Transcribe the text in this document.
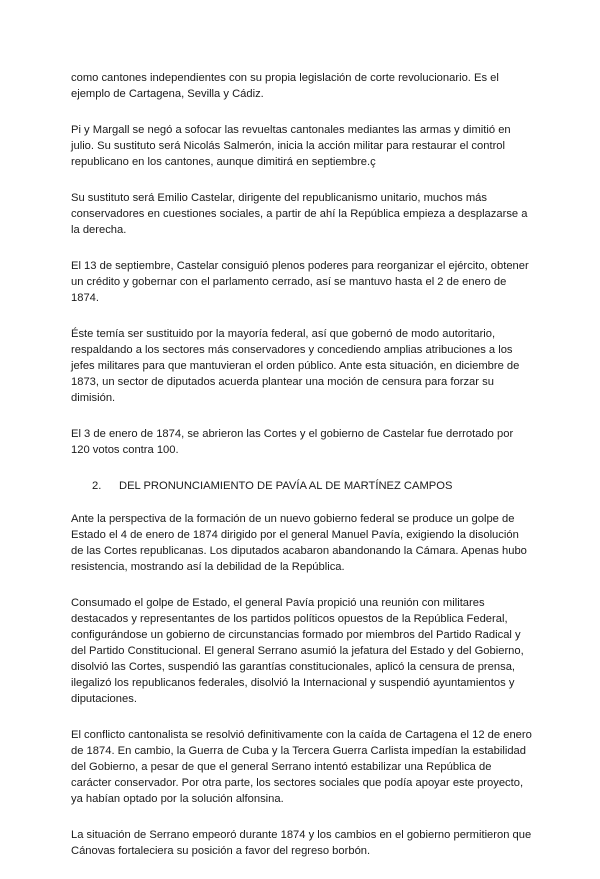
como cantones independientes con su propia legislación de corte revolucionario. Es el ejemplo de Cartagena, Sevilla y Cádiz.

Pi y Margall se negó a sofocar las revueltas cantonales mediantes las armas y dimitió en julio. Su sustituto será Nicolás Salmerón, inicia la acción militar para restaurar el control republicano en los cantones, aunque dimitirá en septiembre.ç

Su sustituto será Emilio Castelar, dirigente del republicanismo unitario, muchos más conservadores en cuestiones sociales, a partir de ahí la República empieza a desplazarse a la derecha.

El 13 de septiembre, Castelar consiguió plenos poderes para reorganizar el ejército, obtener un crédito y gobernar con el parlamento cerrado, así se mantuvo hasta el 2 de enero de 1874.

Éste temía ser sustituido por la mayoría federal, así que gobernó de modo autoritario, respaldando a los sectores más conservadores y concediendo amplias atribuciones a los jefes militares para que mantuvieran el orden público. Ante esta situación, en diciembre de 1873, un sector de diputados acuerda plantear una moción de censura para forzar su dimisión.

El 3 de enero de 1874, se abrieron las Cortes y el gobierno de Castelar fue derrotado por 120 votos contra 100.

2.	DEL PRONUNCIAMIENTO DE PAVÍA AL DE MARTÍNEZ CAMPOS

Ante la perspectiva de la formación de un nuevo gobierno federal se produce un golpe de Estado el 4 de enero de 1874 dirigido por el general Manuel Pavía, exigiendo la disolución de las Cortes republicanas. Los diputados acabaron abandonando la Cámara. Apenas hubo resistencia, mostrando así la debilidad de la República.

Consumado el golpe de Estado, el general Pavía propició una reunión con militares destacados y representantes de los partidos políticos opuestos de la República Federal, configurándose un gobierno de circunstancias formado por miembros del Partido Radical y del Partido Constitucional. El general Serrano asumió la jefatura del Estado y del Gobierno, disolvió las Cortes, suspendió las garantías constitucionales, aplicó la censura de prensa, ilegalizó los republicanos federales, disolvió la Internacional y suspendió ayuntamientos y diputaciones.

El conflicto cantonalista se resolvió definitivamente con la caída de Cartagena el 12 de enero de 1874. En cambio, la Guerra de Cuba y la Tercera Guerra Carlista impedían la estabilidad del Gobierno, a pesar de que el general Serrano intentó estabilizar una República de carácter conservador. Por otra parte, los sectores sociales que podía apoyar este proyecto, ya habían optado por la solución alfonsina.

La situación de Serrano empeoró durante 1874 y los cambios en el gobierno permitieron que Cánovas fortaleciera su posición a favor del regreso borbón.
